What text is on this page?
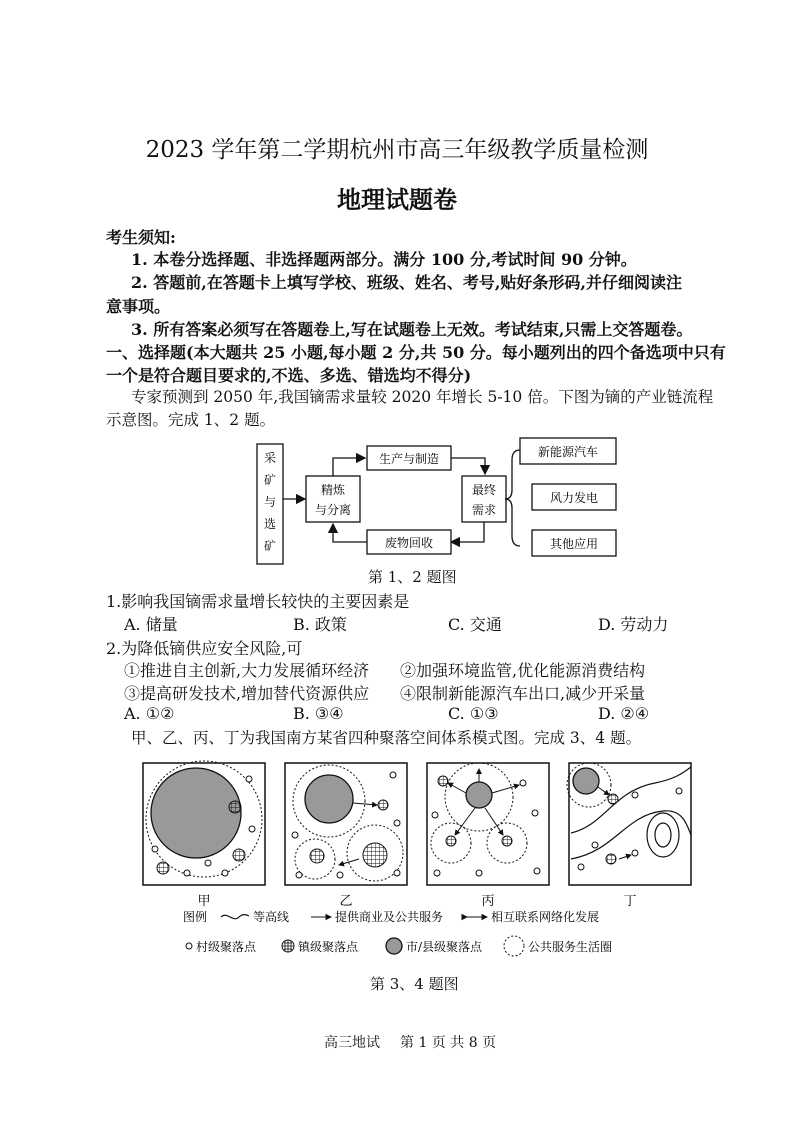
2023 学年第二学期杭州市高三年级教学质量检测
地理试题卷
考生须知:
1. 本卷分选择题、非选择题两部分。满分 100 分,考试时间 90 分钟。
2. 答题前,在答题卡上填写学校、班级、姓名、考号,贴好条形码,并仔细阅读注
意事项。
3. 所有答案必须写在答题卷上,写在试题卷上无效。考试结束,只需上交答题卷。
一、选择题(本大题共 25 小题,每小题 2 分,共 50 分。每小题列出的四个备选项中只有
一个是符合题目要求的,不选、多选、错选均不得分)
专家预测到 2050 年,我国镝需求量较 2020 年增长 5-10 倍。下图为镝的产业链流程
示意图。完成 1、2 题。
采
矿
与
选
矿
精炼
与分离
生产与制造
最终
需求
废物回收
新能源汽车
风力发电
其他应用
第 1、2 题图
1.影响我国镝需求量增长较快的主要因素是
A. 储量	B. 政策	C. 交通	D. 劳动力
2.为降低镝供应安全风险,可
①推进自主创新,大力发展循环经济 ②加强环境监管,优化能源消费结构
③提高研发技术,增加替代资源供应 ④限制新能源汽车出口,减少开采量
A. ①②	B. ③④	C. ①③	D. ②④
甲、乙、丙、丁为我国南方某省四种聚落空间体系模式图。完成 3、4 题。
甲	乙	丙	丁
图例	等高线	提供商业及公共服务	相互联系网络化发展
村级聚落点	镇级聚落点	市/县级聚落点	公共服务生活圈
第 3、4 题图
高三地试 第 1 页 共 8 页
